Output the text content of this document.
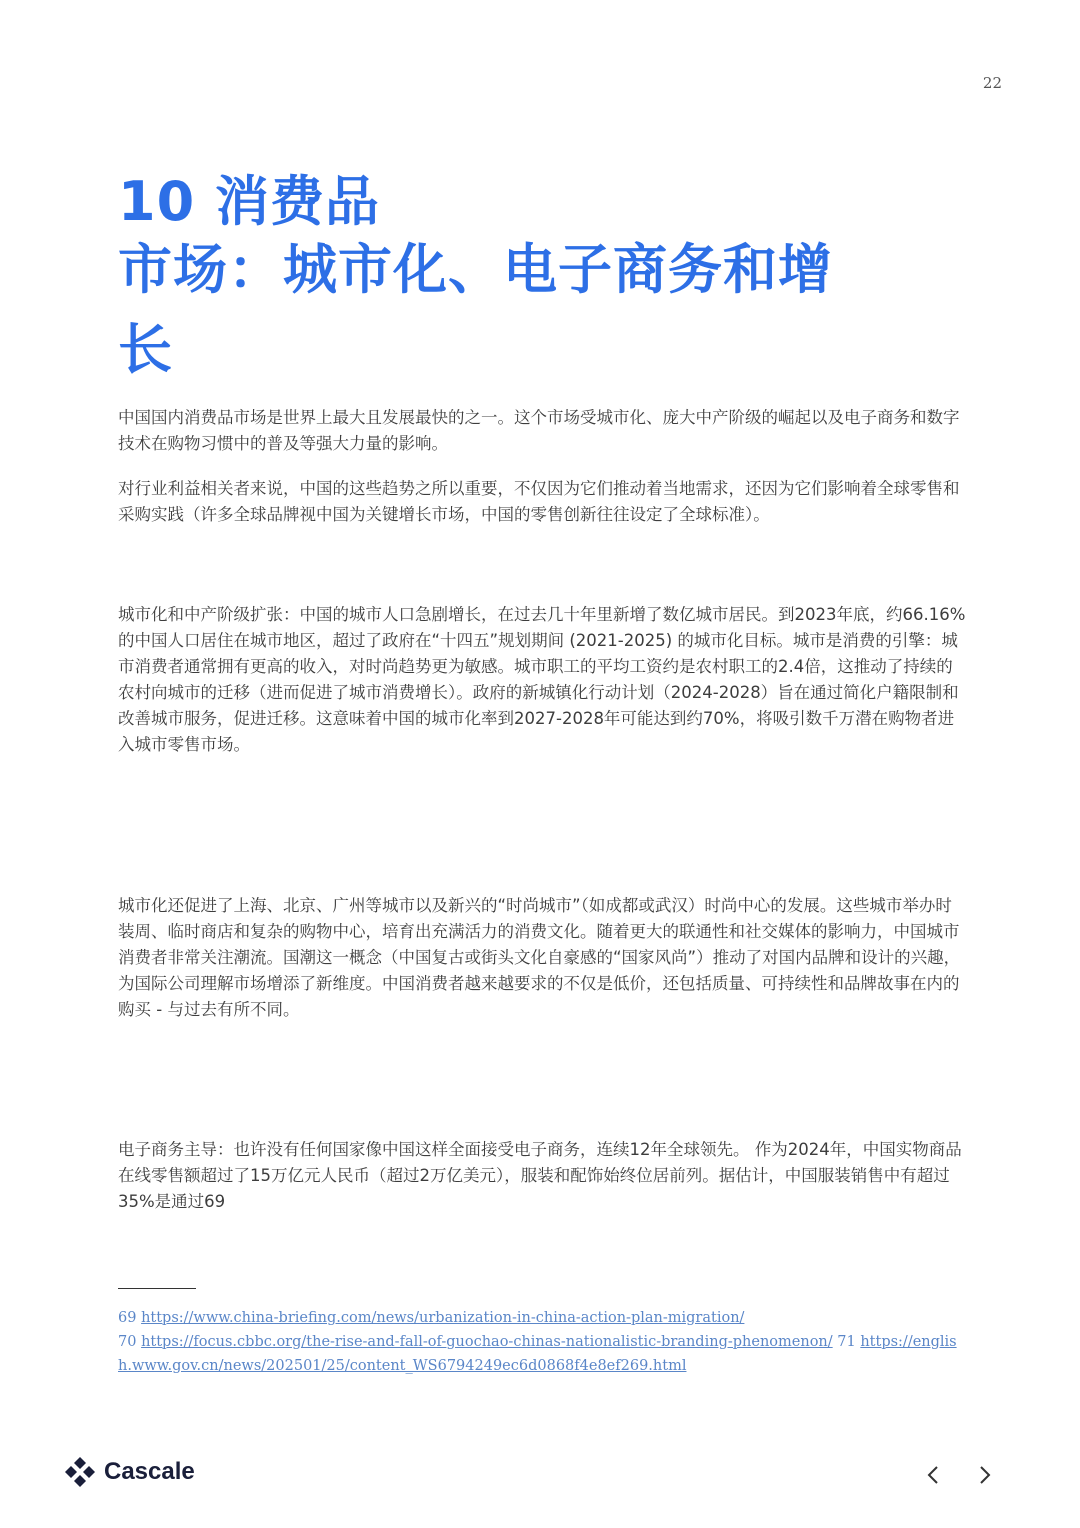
22
10 消费品
市场：城市化、电子商务和增
长

中国国内消费品市场是世界上最大且发展最快的之一。这个市场受城市化、庞大中产阶级的崛起以及电子商务和数字技术在购物习惯中的普及等强大力量的影响。

对行业利益相关者来说，中国的这些趋势之所以重要，不仅因为它们推动着当地需求，还因为它们影响着全球零售和采购实践（许多全球品牌视中国为关键增长市场，中国的零售创新往往设定了全球标准）。

城市化和中产阶级扩张：中国的城市人口急剧增长，在过去几十年里新增了数亿城市居民。到2023年底，约66.16%的中国人口居住在城市地区，超过了政府在“十四五”规划期间 (2021-2025) 的城市化目标。城市是消费的引擎：城市消费者通常拥有更高的收入，对时尚趋势更为敏感。城市职工的平均工资约是农村职工的2.4倍，这推动了持续的农村向城市的迁移（进而促进了城市消费增长）。政府的新城镇化行动计划（2024-2028）旨在通过简化户籍限制和改善城市服务，促进迁移。这意味着中国的城市化率到2027-2028年可能达到约70%，将吸引数千万潜在购物者进入城市零售市场。

城市化还促进了上海、北京、广州等城市以及新兴的“时尚城市”（如成都或武汉）时尚中心的发展。这些城市举办时装周、临时商店和复杂的购物中心，培育出充满活力的消费文化。随着更大的联通性和社交媒体的影响力，中国城市消费者非常关注潮流。国潮这一概念（中国复古或街头文化自豪感的“国家风尚”）推动了对国内品牌和设计的兴趣，为国际公司理解市场增添了新维度。中国消费者越来越要求的不仅是低价，还包括质量、可持续性和品牌故事在内的购买 - 与过去有所不同。

电子商务主导：也许没有任何国家像中国这样全面接受电子商务，连续12年全球领先。 作为2024年，中国实物商品在线零售额超过了15万亿元人民币（超过2万亿美元），服装和配饰始终位居前列。据估计，中国服装销售中有超过35%是通过69

69 https://www.china-briefing.com/news/urbanization-in-china-action-plan-migration/
70 https://focus.cbbc.org/the-rise-and-fall-of-guochao-chinas-nationalistic-branding-phenomenon/ 71 https://english.www.gov.cn/news/202501/25/content_WS6794249ec6d0868f4e8ef269.html
Cascale
